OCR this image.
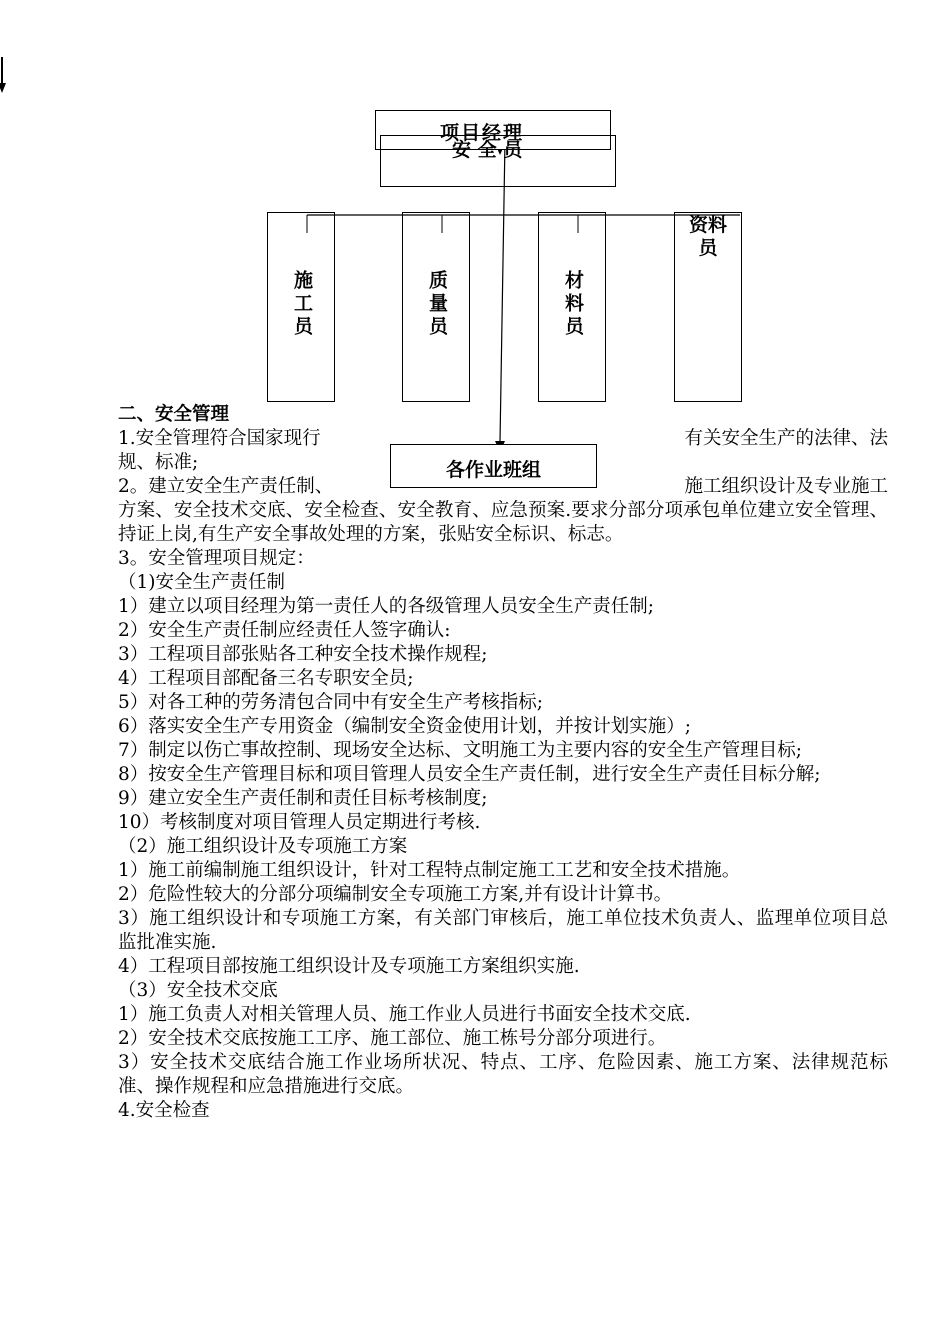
项目经理
安 全 员
施工员	质量员	材料员
资料员

二、安全管理

1.安全管理符合国家现行	有关安全生产的法律、法

规、标准;

2。建立安全生产责任制、	施工组织设计及专业施工

方案、安全技术交底、安全检查、安全教育、应急预案.要求分部分项承包单位建立安全管理、持证上岗,有生产安全事故处理的方案，张贴安全标识、标志。

3。安全管理项目规定：

（1)安全生产责任制

1）建立以项目经理为第一责任人的各级管理人员安全生产责任制;

2）安全生产责任制应经责任人签字确认:

3）工程项目部张贴各工种安全技术操作规程;

4）工程项目部配备三名专职安全员;

5）对各工种的劳务清包合同中有安全生产考核指标;

6）落实安全生产专用资金（编制安全资金使用计划，并按计划实施）;

7）制定以伤亡事故控制、现场安全达标、文明施工为主要内容的安全生产管理目标;

8）按安全生产管理目标和项目管理人员安全生产责任制，进行安全生产责任目标分解;

9）建立安全生产责任制和责任目标考核制度;

10）考核制度对项目管理人员定期进行考核.

（2）施工组织设计及专项施工方案

1）施工前编制施工组织设计，针对工程特点制定施工工艺和安全技术措施。

2）危险性较大的分部分项编制安全专项施工方案,并有设计计算书。

3）施工组织设计和专项施工方案，有关部门审核后，施工单位技术负责人、监理单位项目总监批准实施.

4）工程项目部按施工组织设计及专项施工方案组织实施.

（3）安全技术交底

1）施工负责人对相关管理人员、施工作业人员进行书面安全技术交底.

2）安全技术交底按施工工序、施工部位、施工栋号分部分项进行。

3）安全技术交底结合施工作业场所状况、特点、工序、危险因素、施工方案、法律规范标准、操作规程和应急措施进行交底。

4.安全检查

各作业班组
